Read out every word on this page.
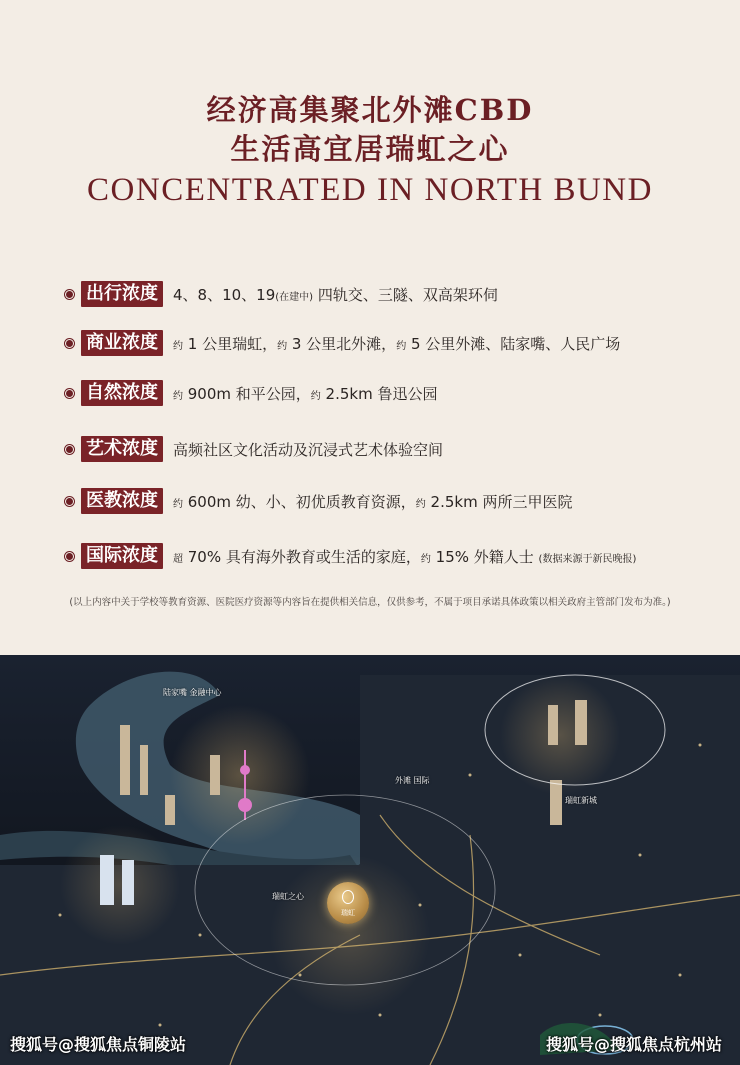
经济高集聚北外滩CBD
生活高宜居瑞虹之心
CONCENTRATED IN NORTH BUND
出行浓度	4、8、10、19(在建中) 四轨交、三隧、双高架环伺
商业浓度	约 1 公里瑞虹，约 3 公里北外滩，约 5 公里外滩、陆家嘴、人民广场
自然浓度	约 900m 和平公园，约 2.5km 鲁迅公园
艺术浓度	高频社区文化活动及沉浸式艺术体验空间
医教浓度	约 600m 幼、小、初优质教育资源，约 2.5km 两所三甲医院
国际浓度	超 70% 具有海外教育或生活的家庭，约 15% 外籍人士 (数据来源于新民晚报)
(以上内容中关于学校等教育资源、医院医疗资源等内容旨在提供相关信息，仅供参考，不属于项目承诺具体政策以相关政府主管部门发布为准。)
陆家嘴 金融中心
外滩 国际
瑞虹新城
瑞虹之心
瑞虹
搜狐号@搜狐焦点铜陵站	搜狐号@搜狐焦点杭州站
